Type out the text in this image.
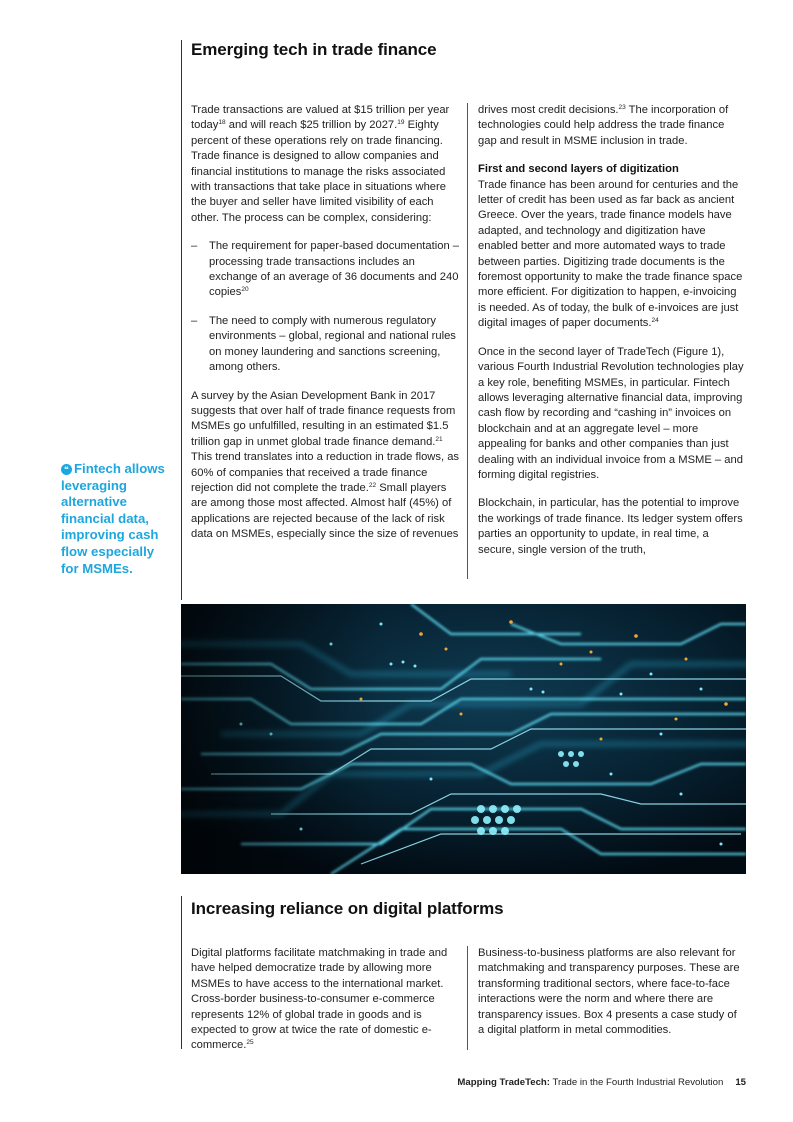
Emerging tech in trade finance

Trade transactions are valued at $15 trillion per year today$^{18}$ and will reach $25 trillion by 2027.19 Eighty percent of these operations rely on trade financing. Trade finance is designed to allow companies and financial institutions to manage the risks associated with transactions that take place in situations where the buyer and seller have limited visibility of each other. The process can be complex, considering:

– The requirement for paper-based documentation – processing trade transactions includes an exchange of an average of 36 documents and 240 copies$^{20}$
– The need to comply with numerous regulatory environments – global, regional and national rules on money laundering and sanctions screening, among others.

A survey by the Asian Development Bank in 2017 suggests that over half of trade finance requests from MSMEs go unfulfilled, resulting in an estimated $1.5 trillion gap in unmet global trade finance demand.$^{21}$ This trend translates into a reduction in trade flows, as 60% of companies that received a trade finance rejection did not complete the trade.$^{22}$ Small players are among those most affected. Almost half (45%) of applications are rejected because of the lack of risk data on MSMEs, especially since the size of revenues

drives most credit decisions.$^{23}$ The incorporation of technologies could help address the trade finance gap and result in MSME inclusion in trade.

First and second layers of digitization

Trade finance has been around for centuries and the letter of credit has been used as far back as ancient Greece. Over the years, trade finance models have adapted, and technology and digitization have enabled better and more automated ways to trade between parties. Digitizing trade documents is the foremost opportunity to make the trade finance space more efficient. For digitization to happen, e-invoicing is needed. As of today, the bulk of e-invoices are just digital images of paper documents.$^{24}$

Once in the second layer of TradeTech (Figure 1), various Fourth Industrial Revolution technologies play a key role, benefiting MSMEs, in particular. Fintech allows leveraging alternative financial data, improving cash flow by recording and “cashing in” invoices on blockchain and at an aggregate level – more appealing for banks and other companies than just dealing with an individual invoice from a MSME – and forming digital registries.

Blockchain, in particular, has the potential to improve the workings of trade finance. Its ledger system offers parties an opportunity to update, in real time, a secure, single version of the truth,

❝ Fintech allows leveraging alternative financial data, improving cash flow especially for MSMEs.
Increasing reliance on digital platforms

Digital platforms facilitate matchmaking in trade and have helped democratize trade by allowing more MSMEs to have access to the international market. Cross-border business-to-consumer e-commerce represents 12% of global trade in goods and is expected to grow at twice the rate of domestic e-commerce.$^{25}$

Business-to-business platforms are also relevant for matchmaking and transparency purposes. These are transforming traditional sectors, where face-to-face interactions were the norm and where there are transparency issues. Box 4 presents a case study of a digital platform in metal commodities.

Mapping TradeTech: Trade in the Fourth Industrial Revolution 15
